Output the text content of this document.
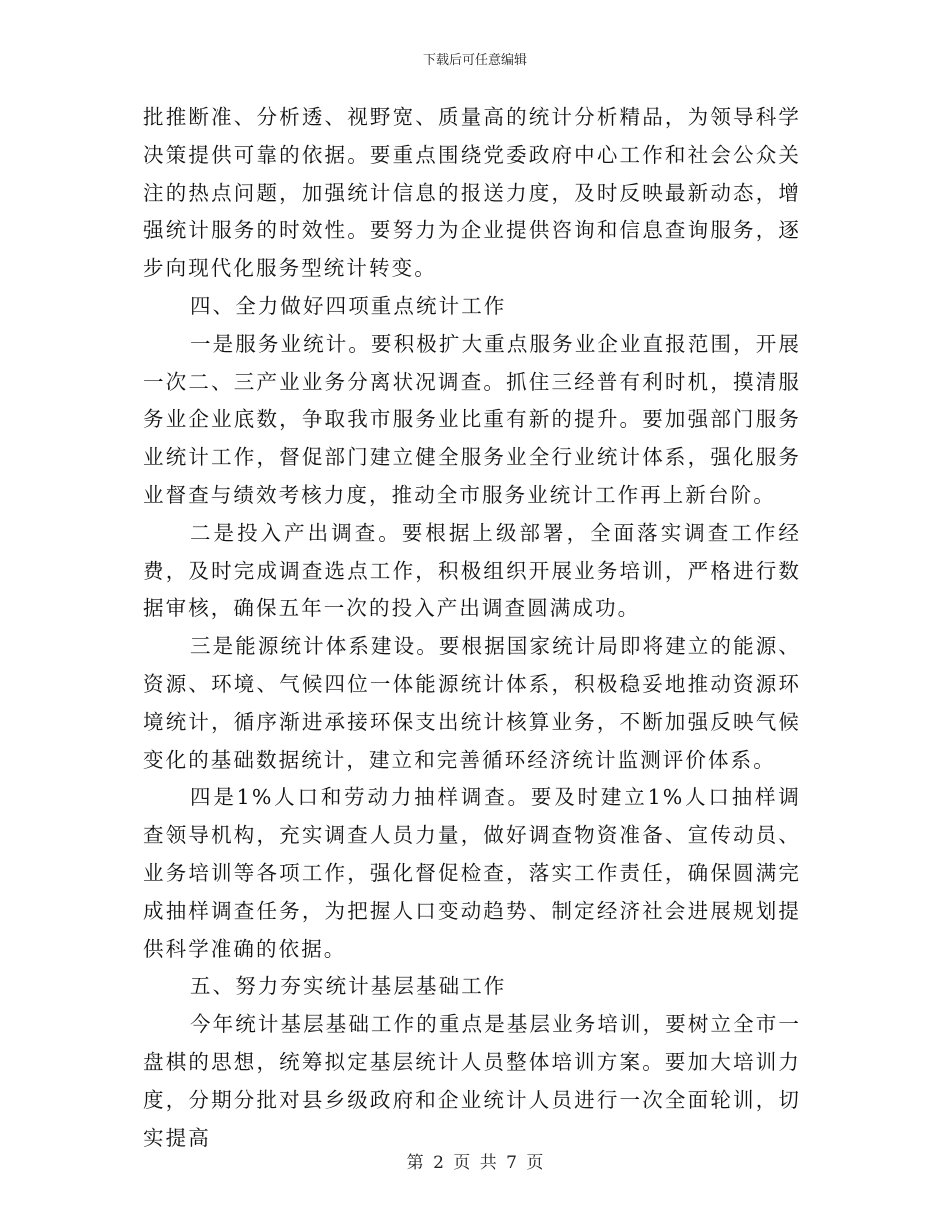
下载后可任意编辑

批推断准、分析透、视野宽、质量高的统计分析精品，为领导科学决策提供可靠的依据。要重点围绕党委政府中心工作和社会公众关注的热点问题，加强统计信息的报送力度，及时反映最新动态，增强统计服务的时效性。要努力为企业提供咨询和信息查询服务，逐步向现代化服务型统计转变。

四、全力做好四项重点统计工作

一是服务业统计。要积极扩大重点服务业企业直报范围，开展一次二、三产业业务分离状况调查。抓住三经普有利时机，摸清服务业企业底数，争取我市服务业比重有新的提升。要加强部门服务业统计工作，督促部门建立健全服务业全行业统计体系，强化服务业督查与绩效考核力度，推动全市服务业统计工作再上新台阶。

二是投入产出调查。要根据上级部署，全面落实调查工作经费，及时完成调查选点工作，积极组织开展业务培训，严格进行数据审核，确保五年一次的投入产出调查圆满成功。

三是能源统计体系建设。要根据国家统计局即将建立的能源、资源、环境、气候四位一体能源统计体系，积极稳妥地推动资源环境统计，循序渐进承接环保支出统计核算业务，不断加强反映气候变化的基础数据统计，建立和完善循环经济统计监测评价体系。

四是1%人口和劳动力抽样调查。要及时建立1%人口抽样调查领导机构，充实调查人员力量，做好调查物资准备、宣传动员、业务培训等各项工作，强化督促检查，落实工作责任，确保圆满完成抽样调查任务，为把握人口变动趋势、制定经济社会进展规划提供科学准确的依据。

五、努力夯实统计基层基础工作

今年统计基层基础工作的重点是基层业务培训，要树立全市一盘棋的思想，统筹拟定基层统计人员整体培训方案。要加大培训力度，分期分批对县乡级政府和企业统计人员进行一次全面轮训，切实提高

第 2 页 共 7 页
